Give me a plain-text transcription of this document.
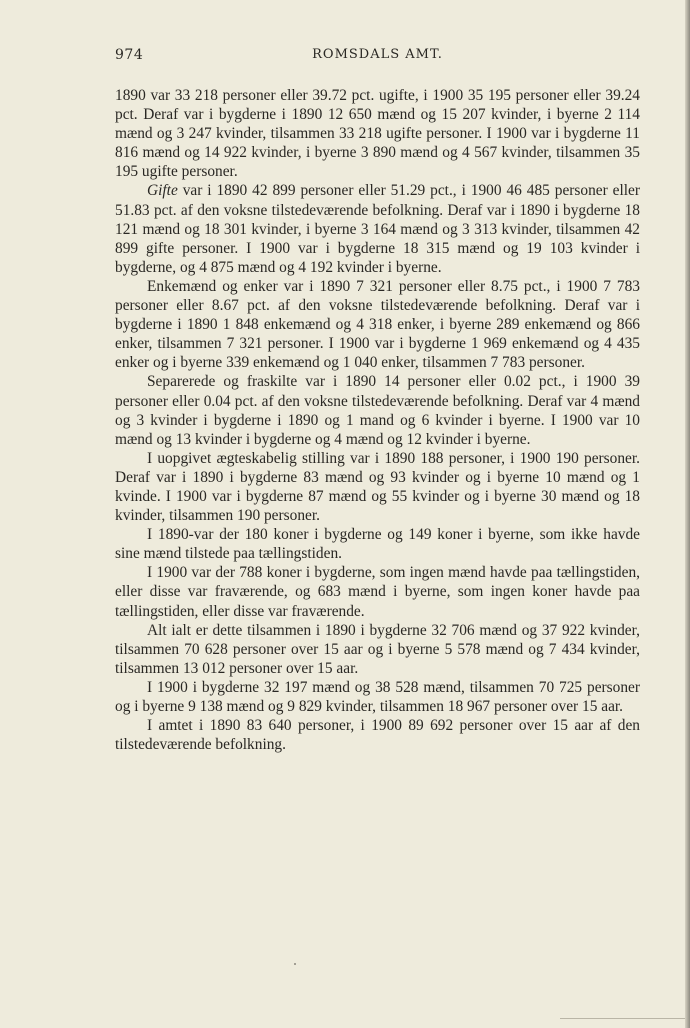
974	ROMSDALS AMT.

1890 var 33 218 personer eller 39.72 pct. ugifte, i 1900 35 195 personer eller 39.24 pct. Deraf var i bygderne i 1890 12 650 mænd og 15 207 kvinder, i byerne 2 114 mænd og 3 247 kvinder, tilsammen 33 218 ugifte personer. I 1900 var i bygderne 11 816 mænd og 14 922 kvinder, i byerne 3 890 mænd og 4 567 kvinder, tilsammen 35 195 ugifte personer.

Gifte var i 1890 42 899 personer eller 51.29 pct., i 1900 46 485 personer eller 51.83 pct. af den voksne tilstedeværende befolkning. Deraf var i 1890 i bygderne 18 121 mænd og 18 301 kvinder, i byerne 3 164 mænd og 3 313 kvinder, tilsammen 42 899 gifte personer. I 1900 var i bygderne 18 315 mænd og 19 103 kvinder i bygderne, og 4 875 mænd og 4 192 kvinder i byerne.

Enkemænd og enker var i 1890 7 321 personer eller 8.75 pct., i 1900 7 783 personer eller 8.67 pct. af den voksne tilstedeværende befolkning. Deraf var i bygderne i 1890 1 848 enkemænd og 4 318 enker, i byerne 289 enkemænd og 866 enker, tilsammen 7 321 personer. I 1900 var i bygderne 1 969 enkemænd og 4 435 enker og i byerne 339 enkemænd og 1 040 enker, tilsammen 7 783 personer.

Separerede og fraskilte var i 1890 14 personer eller 0.02 pct., i 1900 39 personer eller 0.04 pct. af den voksne tilstedeværende befolkning. Deraf var 4 mænd og 3 kvinder i bygderne i 1890 og 1 mand og 6 kvinder i byerne. I 1900 var 10 mænd og 13 kvinder i bygderne og 4 mænd og 12 kvinder i byerne.

I uopgivet ægteskabelig stilling var i 1890 188 personer, i 1900 190 personer. Deraf var i 1890 i bygderne 83 mænd og 93 kvinder og i byerne 10 mænd og 1 kvinde. I 1900 var i bygderne 87 mænd og 55 kvinder og i byerne 30 mænd og 18 kvinder, tilsammen 190 personer.

I 1890-var der 180 koner i bygderne og 149 koner i byerne, som ikke havde sine mænd tilstede paa tællingstiden.

I 1900 var der 788 koner i bygderne, som ingen mænd havde paa tællingstiden, eller disse var fraværende, og 683 mænd i byerne, som ingen koner havde paa tællingstiden, eller disse var fraværende.

Alt ialt er dette tilsammen i 1890 i bygderne 32 706 mænd og 37 922 kvinder, tilsammen 70 628 personer over 15 aar og i byerne 5 578 mænd og 7 434 kvinder, tilsammen 13 012 personer over 15 aar.

I 1900 i bygderne 32 197 mænd og 38 528 mænd, tilsammen 70 725 personer og i byerne 9 138 mænd og 9 829 kvinder, tilsammen 18 967 personer over 15 aar.

I amtet i 1890 83 640 personer, i 1900 89 692 personer over 15 aar af den tilstedeværende befolkning.
